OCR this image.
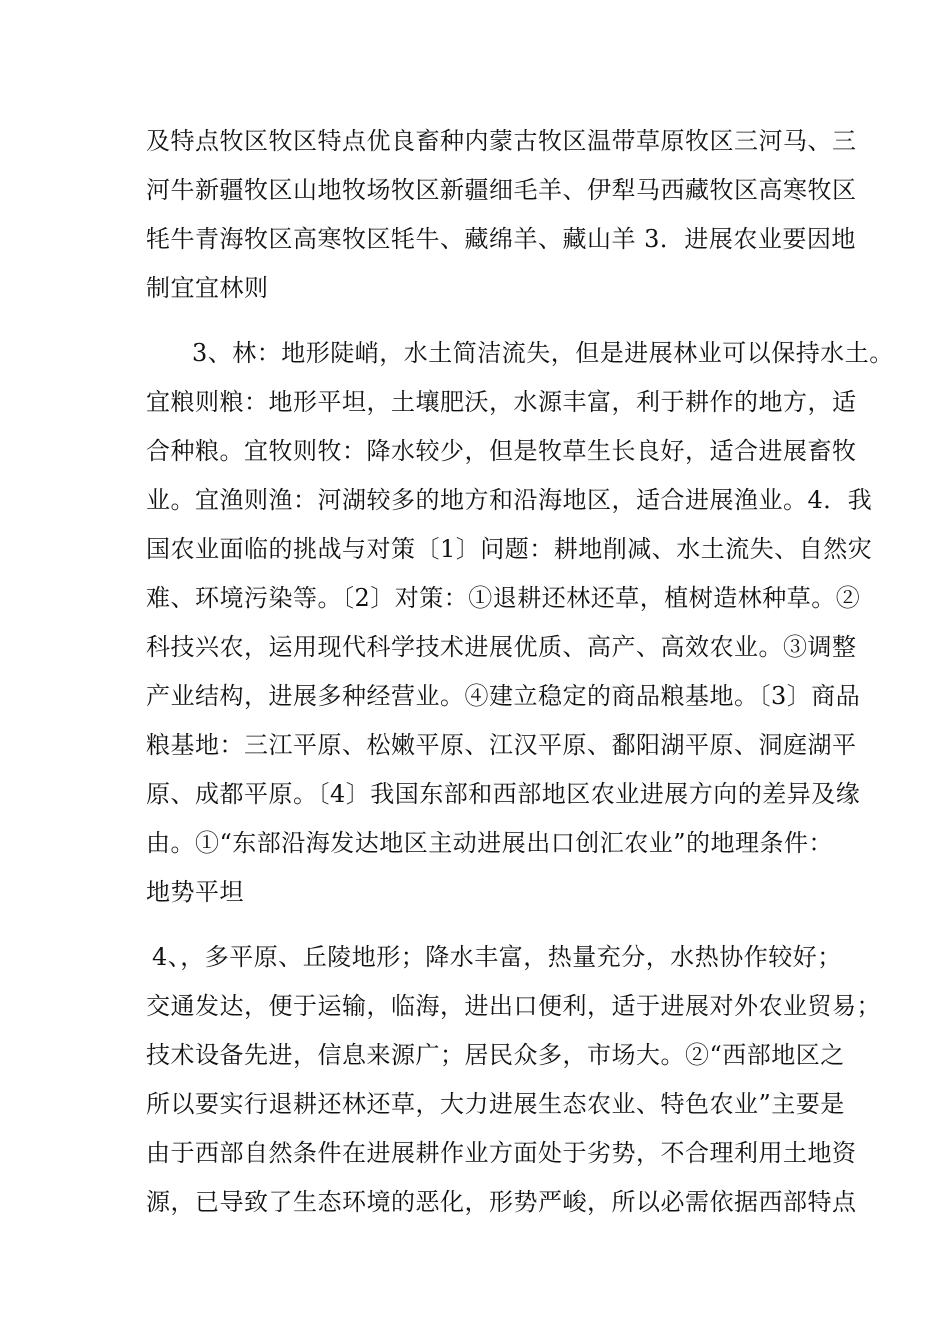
及特点牧区牧区特点优良畜种内蒙古牧区温带草原牧区三河马、三
河牛新疆牧区山地牧场牧区新疆细毛羊、伊犁马西藏牧区高寒牧区
牦牛青海牧区高寒牧区牦牛、藏绵羊、藏山羊 3．进展农业要因地
制宜宜林则
3、林：地形陡峭，水土简洁流失，但是进展林业可以保持水土。
宜粮则粮：地形平坦，土壤肥沃，水源丰富，利于耕作的地方，适
合种粮。宜牧则牧：降水较少，但是牧草生长良好，适合进展畜牧
业。宜渔则渔：河湖较多的地方和沿海地区，适合进展渔业。4．我
国农业面临的挑战与对策〔1〕问题：耕地削减、水土流失、自然灾
难、环境污染等。〔2〕对策：①退耕还林还草，植树造林种草。②
科技兴农，运用现代科学技术进展优质、高产、高效农业。③调整
产业结构，进展多种经营业。④建立稳定的商品粮基地。〔3〕商品
粮基地：三江平原、松嫩平原、江汉平原、鄱阳湖平原、洞庭湖平
原、成都平原。〔4〕我国东部和西部地区农业进展方向的差异及缘
由。①“东部沿海发达地区主动进展出口创汇农业”的地理条件：
地势平坦
4、，多平原、丘陵地形；降水丰富，热量充分，水热协作较好；
交通发达，便于运输，临海，进出口便利，适于进展对外农业贸易；
技术设备先进，信息来源广；居民众多，市场大。②“西部地区之
所以要实行退耕还林还草，大力进展生态农业、特色农业”主要是
由于西部自然条件在进展耕作业方面处于劣势，不合理利用土地资
源，已导致了生态环境的恶化，形势严峻，所以必需依据西部特点
